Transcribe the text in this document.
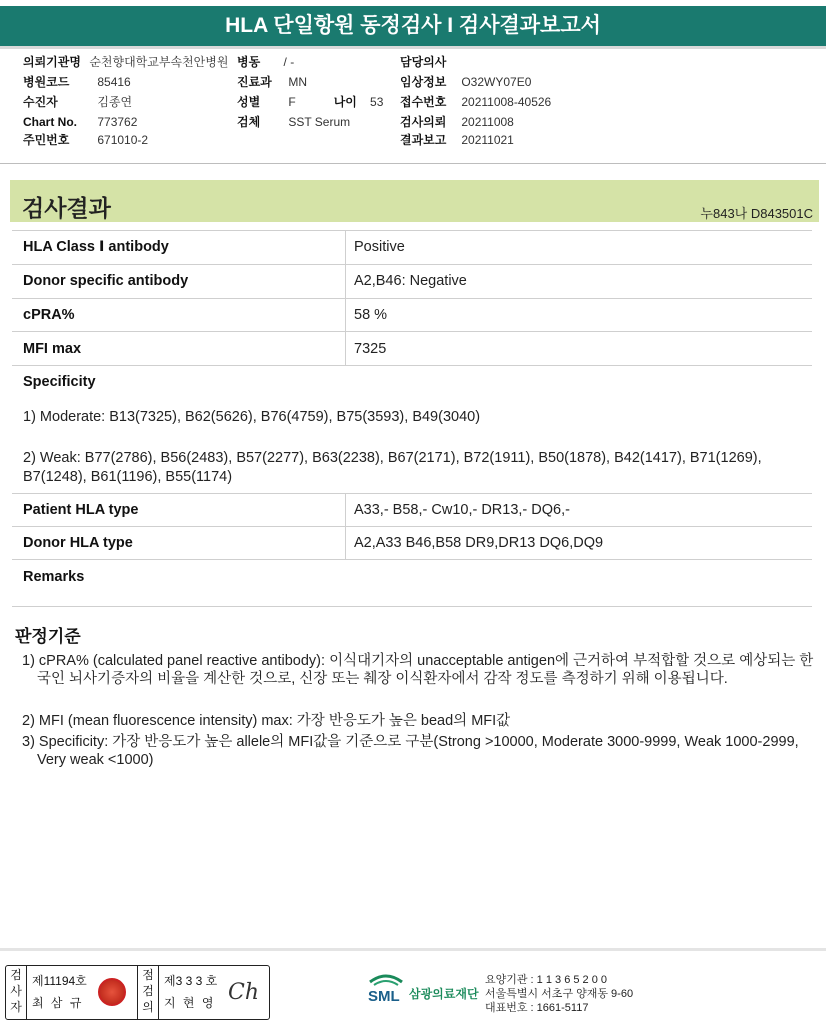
HLA 단일항원 동정검사 I 검사결과보고서
의뢰기관명 순천향대학교부속천안병원
병원코드 85416
수진자	김종연
Chart No. 773762
주민번호 671010-2
병동 / -
진료과 MN
성별 F	나이 53
검체 SST Serum
담당의사
임상정보 O32WY07E0
접수번호 20211008-40526
검사의뢰 20211008
결과보고 20211021
검사결과	누843나 D843501C
HLA Class Ⅰ antibody	Positive
Donor specific antibody	A2,B46: Negative
cPRA%	58 %
MFI max	7325
Specificity
1) Moderate: B13(7325), B62(5626), B76(4759), B75(3593), B49(3040)
2) Weak: B77(2786), B56(2483), B57(2277), B63(2238), B67(2171), B72(1911), B50(1878), B42(1417), B71(1269),
B7(1248), B61(1196), B55(1174)
Patient HLA type	A33,- B58,- Cw10,- DR13,- DQ6,-
Donor HLA type	A2,A33 B46,B58 DR9,DR13 DQ6,DQ9
Remarks
판정기준
1) cPRA% (calculated panel reactive antibody): 이식대기자의 unacceptable antigen에 근거하여 부적합할 것으로 예상되는 한국인 뇌사기증자의 비율을 계산한 것으로, 신장 또는 췌장 이식환자에서 감작 정도를 측정하기 위해 이용됩니다.
2) MFI (mean fluorescence intensity) max: 가장 반응도가 높은 bead의 MFI값
3) Specificity: 가장 반응도가 높은 allele의 MFI값을 기준으로 구분(Strong >10000, Moderate 3000-9999, Weak 1000-2999, Very weak <1000)
검사자
제11194호
최 삼 규
점검의
제3 3 3 호
지 현 영 Ch	SML 삼광의료재단
요양기관 : 1 1 3 6 5 2 0 0
서울특별시 서초구 양재동 9-60
대표번호 : 1661-5117
